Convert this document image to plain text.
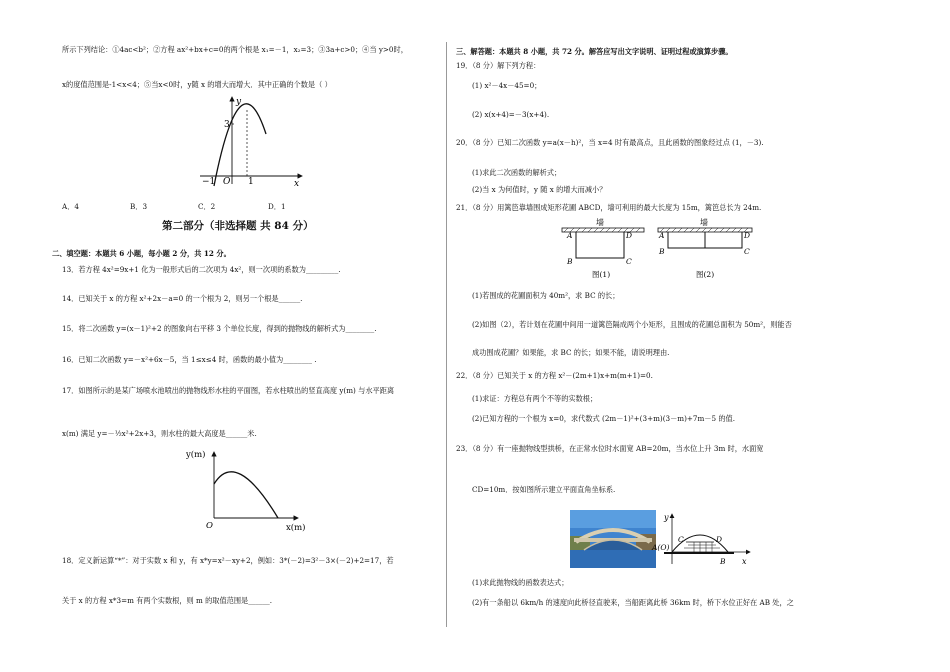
所示下列结论：①4ac<b²；②方程 ax²+bx+c=0的两个根是 x₁=－1，x₂=3；③3a+c>0；④当 y>0时，
x的度值范围是-1<x<4；⑤当x<0时，y随 x 的增大而增大．其中正确的个数是（ ）
y
x
3
−1 O 1
A．4	B．3	C．2	D．1
第二部分（非选择题 共 84 分）
二、填空题：本题共 6 小题，每小题 2 分，共 12 分。
13．若方程 4x²=9x+1 化为一般形式后的二次项为 4x²，则一次项的系数为_________.
14．已知关于 x 的方程 x²+2x－a=0 的一个根为 2，则另一个根是______.
15．将二次函数 y=(x－1)²+2 的图象向右平移 3 个单位长度，得到的抛物线的解析式为________.
16．已知二次函数 y=－x²+6x－5，当 1≤x≤4 时，函数的最小值为________ .
17．如图所示的是某广场喷水池喷出的抛物线形水柱的平面图，若水柱喷出的竖直高度 y(m) 与水平距离
x(m) 满足 y=－½x²+2x+3，则水柱的最大高度是______米.
y(m)
x(m)
O
18．定义新运算“*”：对于实数 x 和 y，有 x*y=x²－xy+2，例如：3*(－2)=3²－3×(－2)+2=17，若
关于 x 的方程 x*3=m 有两个实数根，则 m 的取值范围是______.
三、解答题：本题共 8 小题，共 72 分。解答应写出文字说明、证明过程或演算步骤。
19．（8 分）解下列方程：
(1) x²－4x－45=0；
(2) x(x+4)=－3(x+4).
20．（8 分）已知二次函数 y=a(x－h)²，当 x=4 时有最高点，且此函数的图象经过点 (1，－3).
(1)求此二次函数的解析式；
(2)当 x 为何值时，y 随 x 的增大而减小？
21．（8 分）用篱笆靠墙围成矩形花圃 ABCD，墙可利用的最大长度为 15m，篱笆总长为 24m.
墙
A	D
B	C
图(1)
墙
A	D
B	C
图(2)
(1)若围成的花圃面积为 40m²，求 BC 的长；
(2)如图（2），若计划在花圃中间用一道篱笆隔成两个小矩形，且围成的花圃总面积为 50m²，则能否
成功围成花圃？如果能，求 BC 的长；如果不能，请说明理由.
22．（8 分）已知关于 x 的方程 x²－(2m+1)x+m(m+1)=0.
(1)求证：方程总有两个不等的实数根；
(2)已知方程的一个根为 x=0，求代数式 (2m－1)²+(3+m)(3－m)+7m－5 的值.
23．（8 分）有一座抛物线型拱桥，在正常水位时水面宽 AB=20m，当水位上升 3m 时，水面宽
CD=10m．按如图所示建立平面直角坐标系.
y
x
A(O)
C	D
B
(1)求此抛物线的函数表达式；
(2)有一条船以 6km/h 的速度向此桥径直驶来，当船距离此桥 36km 时，桥下水位正好在 AB 处，之
